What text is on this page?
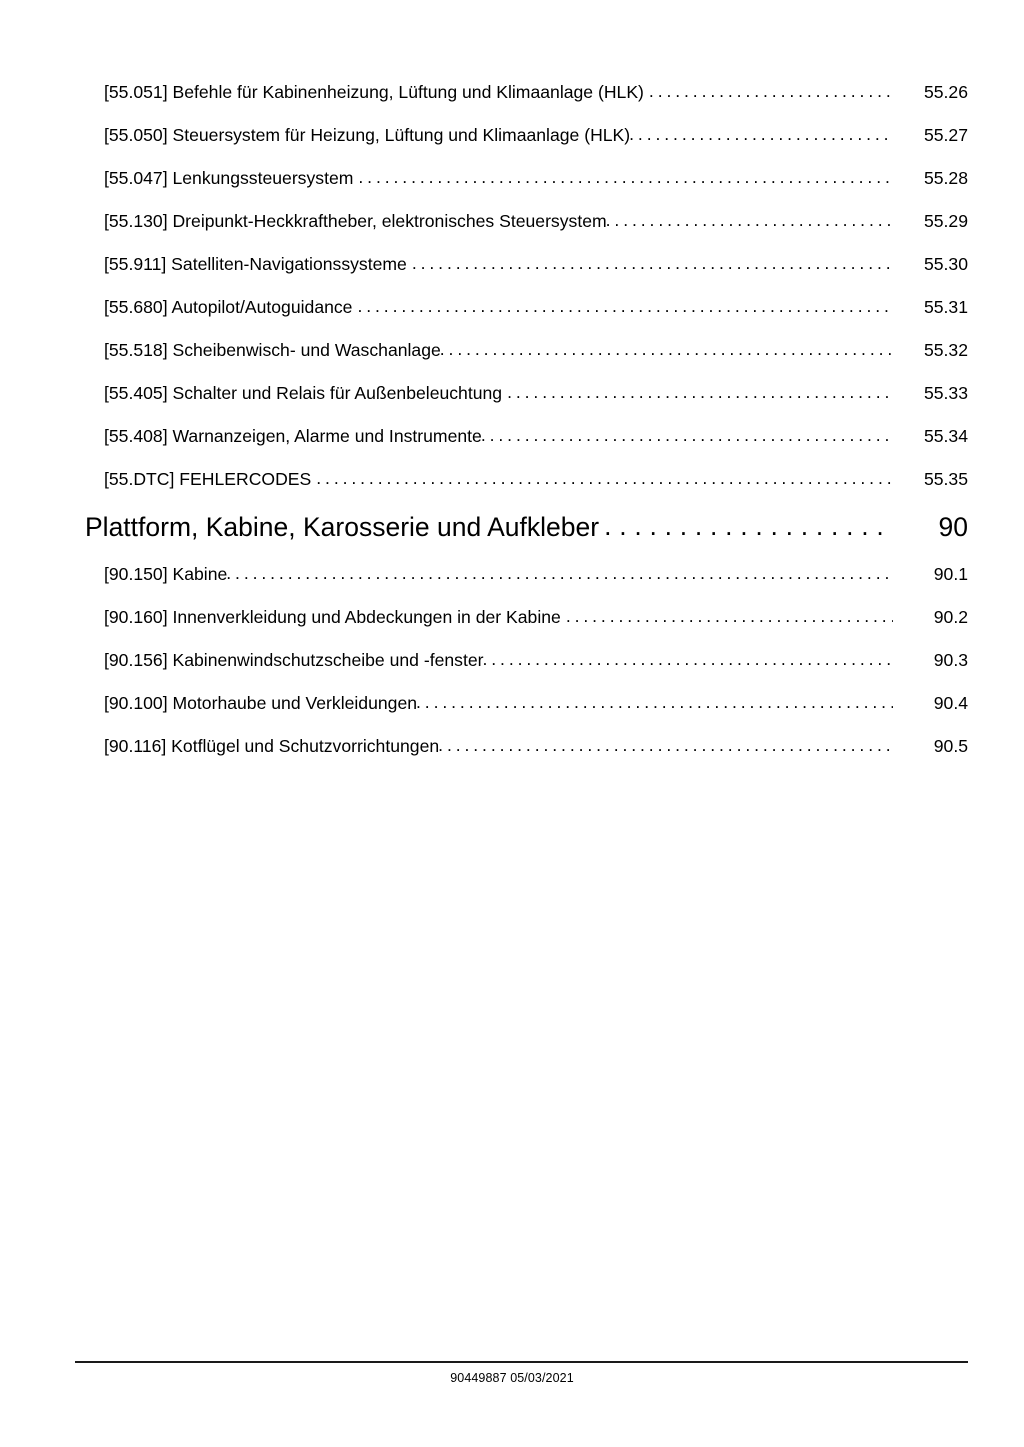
[55.051] Befehle für Kabinenheizung, Lüftung und Klimaanlage (HLK) . . .	55.26
[55.050] Steuersystem für Heizung, Lüftung und Klimaanlage (HLK) . . .	55.27
[55.047] Lenkungssteuersystem . . .	55.28
[55.130] Dreipunkt-Heckkraftheber, elektronisches Steuersystem . . .	55.29
[55.911] Satelliten-Navigationssysteme . . .	55.30
[55.680] Autopilot/Autoguidance . . .	55.31
[55.518] Scheibenwisch- und Waschanlage . . .	55.32
[55.405] Schalter und Relais für Außenbeleuchtung . . .	55.33
[55.408] Warnanzeigen, Alarme und Instrumente . . .	55.34
[55.DTC] FEHLERCODES . . .	55.35
Plattform, Kabine, Karosserie und Aufkleber . . .	90
[90.150] Kabine . . .	90.1
[90.160] Innenverkleidung und Abdeckungen in der Kabine . . .	90.2
[90.156] Kabinenwindschutzscheibe und -fenster . . .	90.3
[90.100] Motorhaube und Verkleidungen . . .	90.4
[90.116] Kotflügel und Schutzvorrichtungen . . .	90.5
90449887 05/03/2021
